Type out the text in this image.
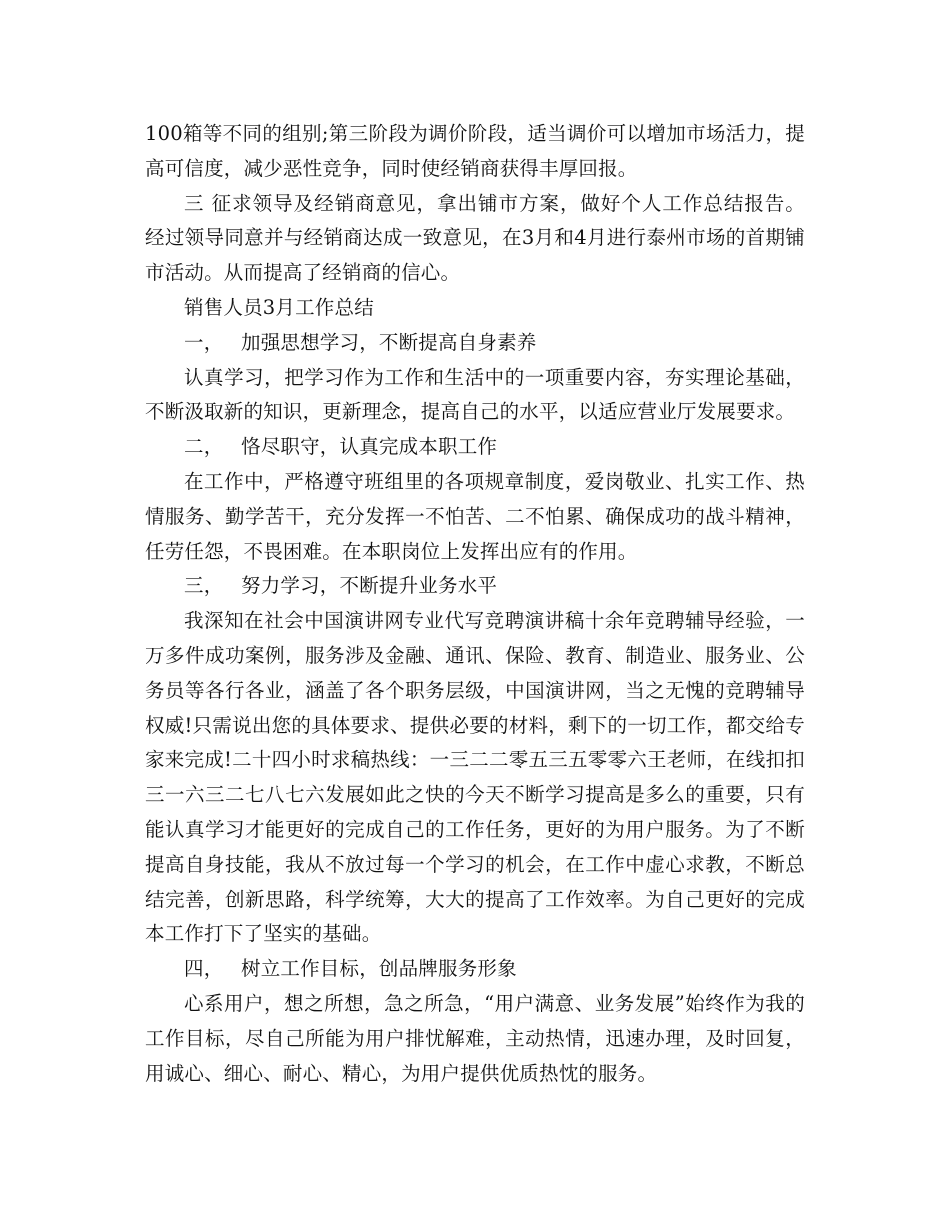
100箱等不同的组别;第三阶段为调价阶段，适当调价可以增加市场活力，提高可信度，减少恶性竞争，同时使经销商获得丰厚回报。

三 征求领导及经销商意见，拿出铺市方案，做好个人工作总结报告。 经过领导同意并与经销商达成一致意见，在3月和4月进行泰州市场的首期铺市活动。从而提高了经销商的信心。

销售人员3月工作总结

一， 加强思想学习，不断提高自身素养

认真学习，把学习作为工作和生活中的一项重要内容，夯实理论基础，不断汲取新的知识，更新理念，提高自己的水平，以适应营业厅发展要求。

二， 恪尽职守，认真完成本职工作

在工作中，严格遵守班组里的各项规章制度，爱岗敬业、扎实工作、热情服务、勤学苦干，充分发挥一不怕苦、二不怕累、确保成功的战斗精神，任劳任怨，不畏困难。在本职岗位上发挥出应有的作用。

三， 努力学习，不断提升业务水平

我深知在社会中国演讲网专业代写竞聘演讲稿十余年竞聘辅导经验，一万多件成功案例，服务涉及金融、通讯、保险、教育、制造业、服务业、公务员等各行各业，涵盖了各个职务层级，中国演讲网，当之无愧的竞聘辅导权威!只需说出您的具体要求、提供必要的材料，剩下的一切工作，都交给专家来完成!二十四小时求稿热线：一三二二零五三五零零六王老师，在线扣扣三一六三二七八七六发展如此之快的今天不断学习提高是多么的重要，只有能认真学习才能更好的完成自己的工作任务，更好的为用户服务。为了不断提高自身技能，我从不放过每一个学习的机会，在工作中虚心求教，不断总结完善，创新思路，科学统筹，大大的提高了工作效率。为自己更好的完成本工作打下了坚实的基础。

四， 树立工作目标，创品牌服务形象

心系用户，想之所想，急之所急，“用户满意、业务发展”始终作为我的工作目标，尽自己所能为用户排忧解难，主动热情，迅速办理，及时回复，用诚心、细心、耐心、精心，为用户提供优质热忱的服务。
